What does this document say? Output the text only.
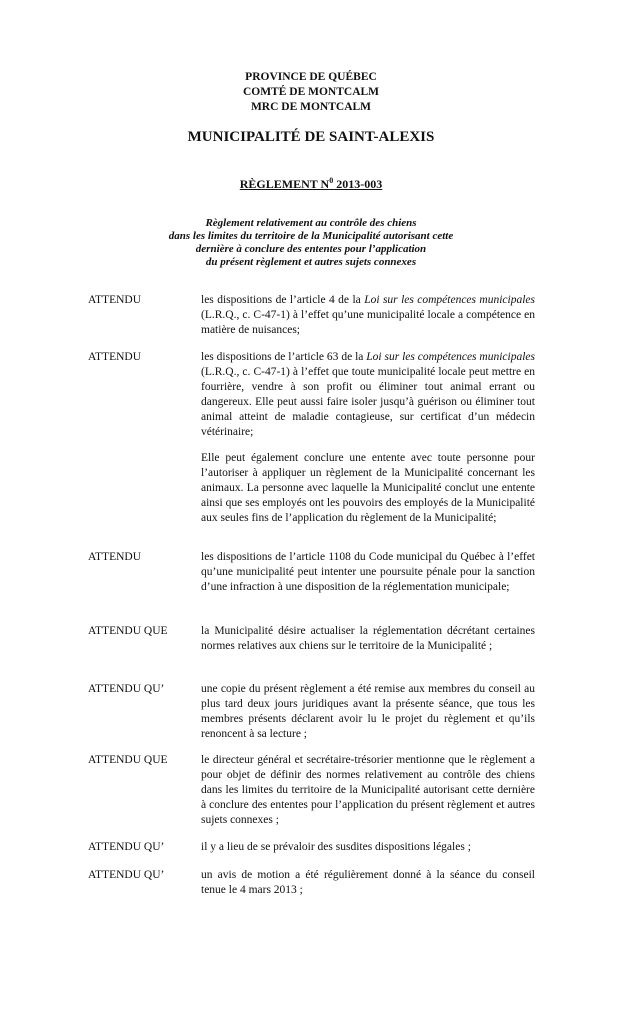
PROVINCE DE QUÉBEC
COMTÉ DE MONTCALM
MRC DE MONTCALM
MUNICIPALITÉ DE SAINT-ALEXIS
RÈGLEMENT $N^0$ 2013-003
Règlement relativement au contrôle des chiens
dans les limites du territoire de la Municipalité autorisant cette
dernière à conclure des ententes pour l’application
du présent règlement et autres sujets connexes
ATTENDU	les dispositions de l’article 4 de la Loi sur les compétences municipales (L.R.Q., c. C-47-1) à l’effet qu’une municipalité locale a compétence en matière de nuisances;
ATTENDU	les dispositions de l’article 63 de la Loi sur les compétences municipales (L.R.Q., c. C-47-1) à l’effet que toute municipalité locale peut mettre en fourrière, vendre à son profit ou éliminer tout animal errant ou dangereux. Elle peut aussi faire isoler jusqu’à guérison ou éliminer tout animal atteint de maladie contagieuse, sur certificat d’un médecin vétérinaire;
Elle peut également conclure une entente avec toute personne pour l’autoriser à appliquer un règlement de la Municipalité concernant les animaux. La personne avec laquelle la Municipalité conclut une entente ainsi que ses employés ont les pouvoirs des employés de la Municipalité aux seules fins de l’application du règlement de la Municipalité;
ATTENDU	les dispositions de l’article 1108 du Code municipal du Québec à l’effet qu’une municipalité peut intenter une poursuite pénale pour la sanction d’une infraction à une disposition de la réglementation municipale;
ATTENDU QUE	la Municipalité désire actualiser la réglementation décrétant certaines normes relatives aux chiens sur le territoire de la Municipalité ;
ATTENDU QU’	une copie du présent règlement a été remise aux membres du conseil au plus tard deux jours juridiques avant la présente séance, que tous les membres présents déclarent avoir lu le projet du règlement et qu’ils renoncent à sa lecture ;
ATTENDU QUE	le directeur général et secrétaire-trésorier mentionne que le règlement a pour objet de définir des normes relativement au contrôle des chiens dans les limites du territoire de la Municipalité autorisant cette dernière à conclure des ententes pour l’application du présent règlement et autres sujets connexes ;
ATTENDU QU’	il y a lieu de se prévaloir des susdites dispositions légales ;
ATTENDU QU’	un avis de motion a été régulièrement donné à la séance du conseil tenue le 4 mars 2013 ;
